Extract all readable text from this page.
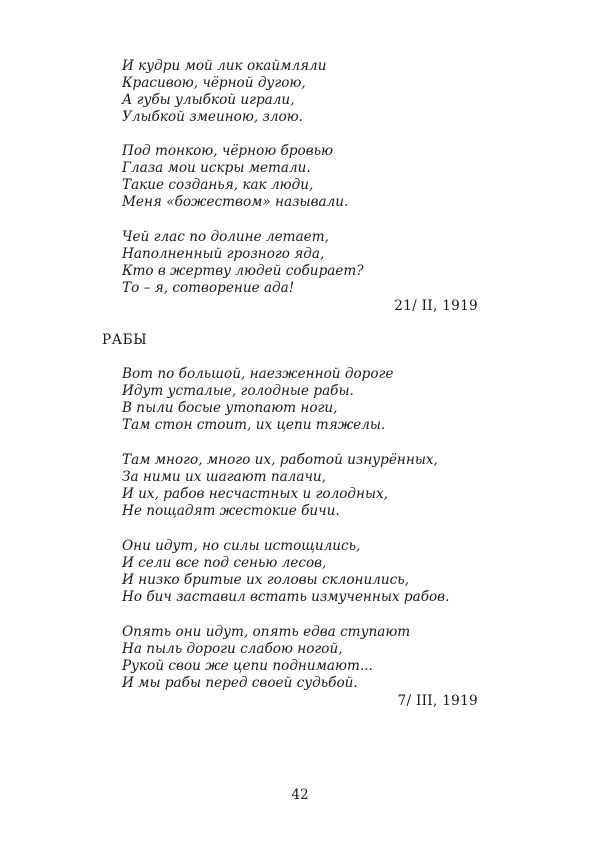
И кудри мой лик окаймляли
Красивою, чёрной дугою,
А губы улыбкой играли,
Улыбкой змеиною, злою.
Под тонкою, чёрною бровью
Глаза мои искры метали.
Такие созданья, как люди,
Меня «божеством» называли.
Чей глас по долине летает,
Наполненный грозного яда,
Кто в жертву людей собирает?
То – я, сотворение ада!
21/ II, 1919
РАБЫ
Вот по большой, наезженной дороге
Идут усталые, голодные рабы.
В пыли босые утопают ноги,
Там стон стоит, их цепи тяжелы.
Там много, много их, работой изнурённых,
За ними их шагают палачи,
И их, рабов несчастных и голодных,
Не пощадят жестокие бичи.
Они идут, но силы истощились,
И сели все под сенью лесов,
И низко бритые их головы склонились,
Но бич заставил встать измученных рабов.
Опять они идут, опять едва ступают
На пыль дороги слабою ногой,
Рукой свои же цепи поднимают...
И мы рабы перед своей судьбой.
7/ III, 1919
42
